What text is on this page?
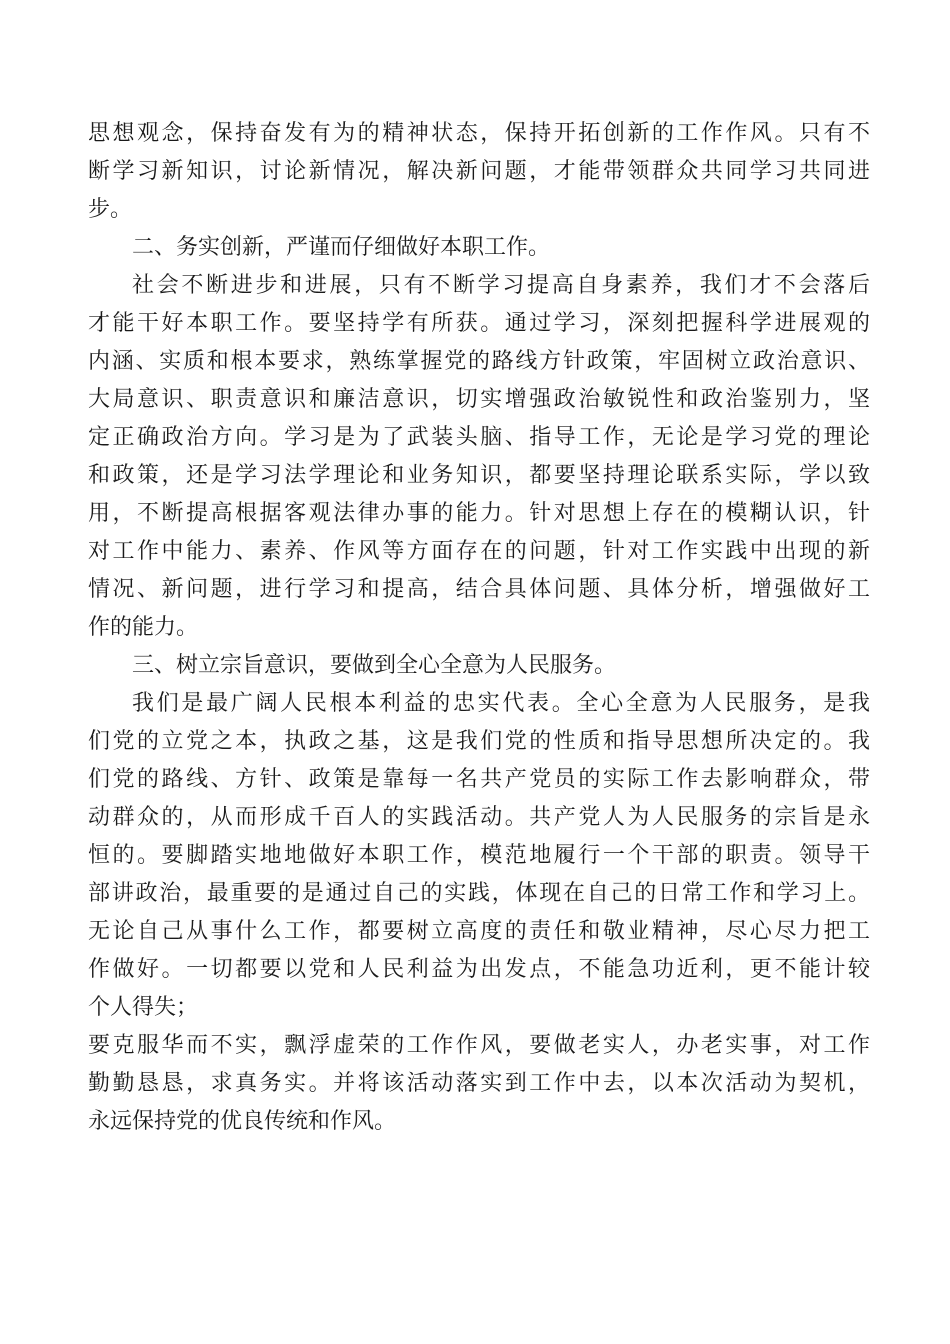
思想观念，保持奋发有为的精神状态，保持开拓创新的工作作风。只有不
断学习新知识，讨论新情况，解决新问题，才能带领群众共同学习共同进
步。
二、务实创新，严谨而仔细做好本职工作。
社会不断进步和进展，只有不断学习提高自身素养，我们才不会落后
才能干好本职工作。要坚持学有所获。通过学习，深刻把握科学进展观的
内涵、实质和根本要求，熟练掌握党的路线方针政策，牢固树立政治意识、
大局意识、职责意识和廉洁意识，切实增强政治敏锐性和政治鉴别力，坚
定正确政治方向。学习是为了武装头脑、指导工作，无论是学习党的理论
和政策，还是学习法学理论和业务知识，都要坚持理论联系实际，学以致
用，不断提高根据客观法律办事的能力。针对思想上存在的模糊认识，针
对工作中能力、素养、作风等方面存在的问题，针对工作实践中出现的新
情况、新问题，进行学习和提高，结合具体问题、具体分析，增强做好工
作的能力。
三、树立宗旨意识，要做到全心全意为人民服务。
我们是最广阔人民根本利益的忠实代表。全心全意为人民服务，是我
们党的立党之本，执政之基，这是我们党的性质和指导思想所决定的。我
们党的路线、方针、政策是靠每一名共产党员的实际工作去影响群众，带
动群众的，从而形成千百人的实践活动。共产党人为人民服务的宗旨是永
恒的。要脚踏实地地做好本职工作，模范地履行一个干部的职责。领导干
部讲政治，最重要的是通过自己的实践，体现在自己的日常工作和学习上。
无论自己从事什么工作，都要树立高度的责任和敬业精神，尽心尽力把工
作做好。一切都要以党和人民利益为出发点，不能急功近利，更不能计较
个人得失；
要克服华而不实，飘浮虚荣的工作作风，要做老实人，办老实事，对工作
勤勤恳恳，求真务实。并将该活动落实到工作中去，以本次活动为契机，
永远保持党的优良传统和作风。
